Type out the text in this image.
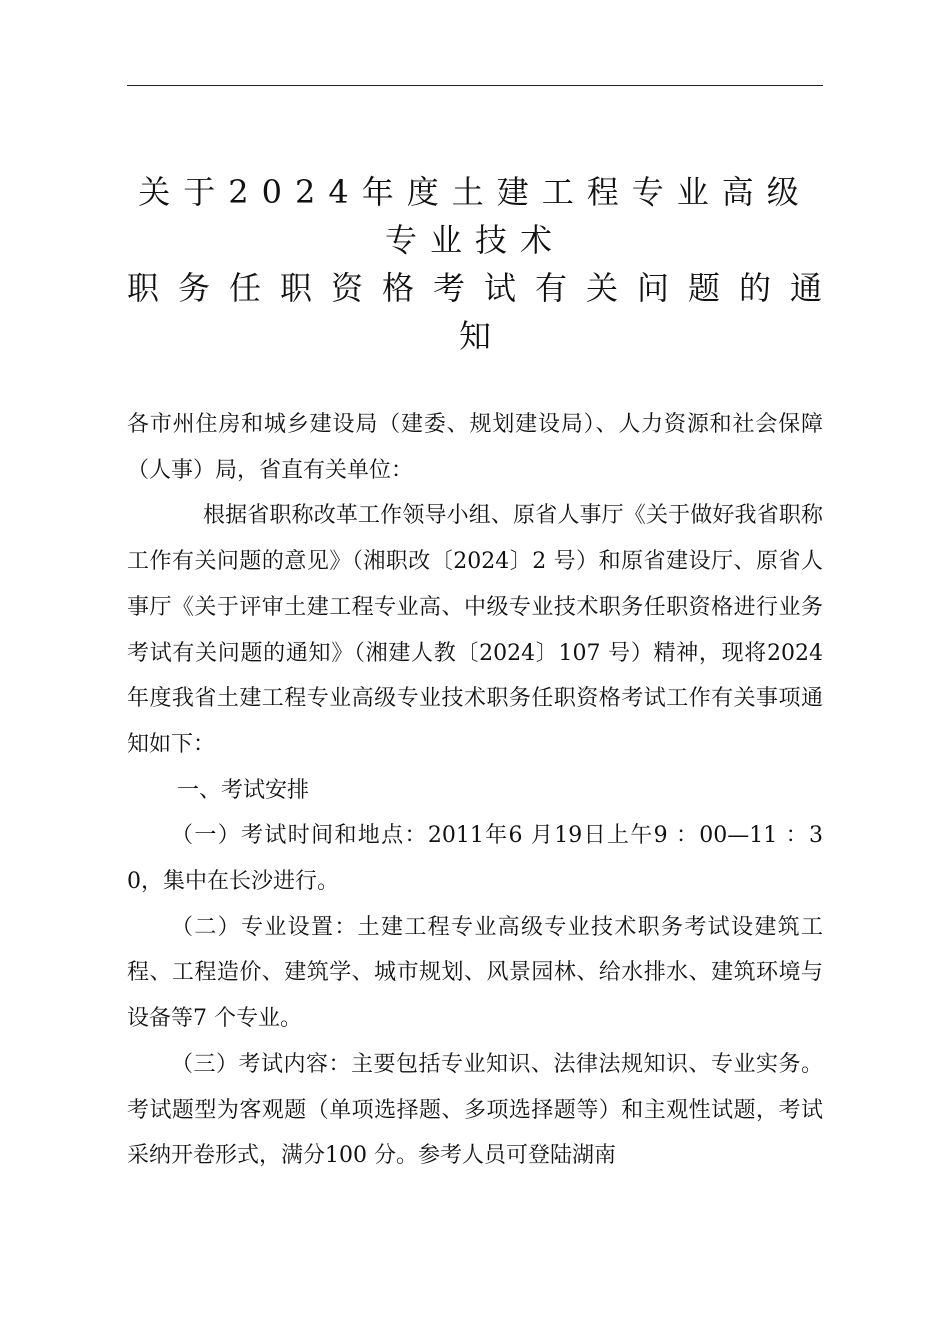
关于2024年度土建工程专业高级
专业技术
职务任职资格考试有关问题的通
知

各市州住房和城乡建设局（建委、规划建设局）、人力资源和社会保障（人事）局，省直有关单位：

根据省职称改革工作领导小组、原省人事厅《关于做好我省职称工作有关问题的意见》（湘职改〔2024〕2 号）和原省建设厅、原省人事厅《关于评审土建工程专业高、中级专业技术职务任职资格进行业务考试有关问题的通知》（湘建人教〔2024〕107 号）精神，现将2024年度我省土建工程专业高级专业技术职务任职资格考试工作有关事项通知如下：

一、考试安排

（一）考试时间和地点：2011年6 月19日上午9 ：00—11 ：30，集中在长沙进行。

（二）专业设置：土建工程专业高级专业技术职务考试设建筑工程、工程造价、建筑学、城市规划、风景园林、给水排水、建筑环境与设备等7 个专业。

（三）考试内容：主要包括专业知识、法律法规知识、专业实务。考试题型为客观题（单项选择题、多项选择题等）和主观性试题，考试采纳开卷形式，满分100 分。参考人员可登陆湖南
